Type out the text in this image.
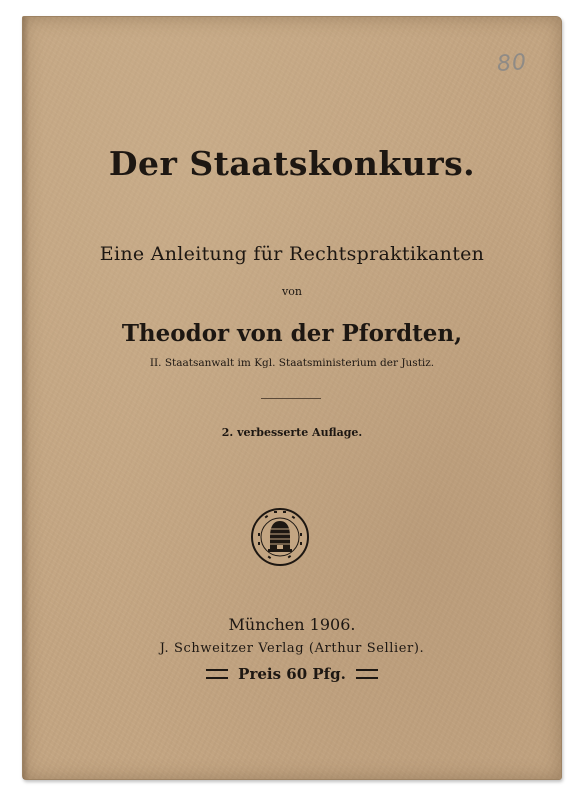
80
Der Staatskonkurs.
Eine Anleitung für Rechtspraktikanten
von
Theodor von der Pfordten,
II. Staatsanwalt im Kgl. Staatsministerium der Justiz.
2. verbesserte Auflage.
München 1906.
J. Schweitzer Verlag (Arthur Sellier).
Preis 60 Pfg.
